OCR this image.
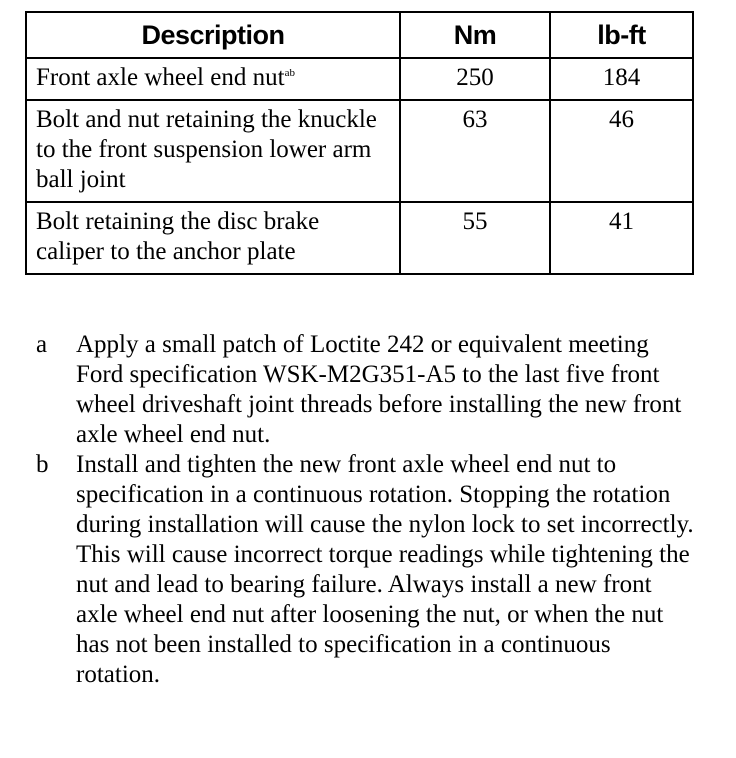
Description	Nm	lb-ft
Front axle wheel end nut$^{ab}$	250	184
Bolt and nut retaining the knuckle to the front suspension lower arm ball joint	63	46
Bolt retaining the disc brake caliper to the anchor plate	55	41
a	Apply a small patch of Loctite 242 or equivalent meeting Ford specification WSK-M2G351-A5 to the last five front wheel driveshaft joint threads before installing the new front axle wheel end nut.
b	Install and tighten the new front axle wheel end nut to specification in a continuous rotation. Stopping the rotation during installation will cause the nylon lock to set incorrectly. This will cause incorrect torque readings while tightening the nut and lead to bearing failure. Always install a new front axle wheel end nut after loosening the nut, or when the nut has not been installed to specification in a continuous rotation.
